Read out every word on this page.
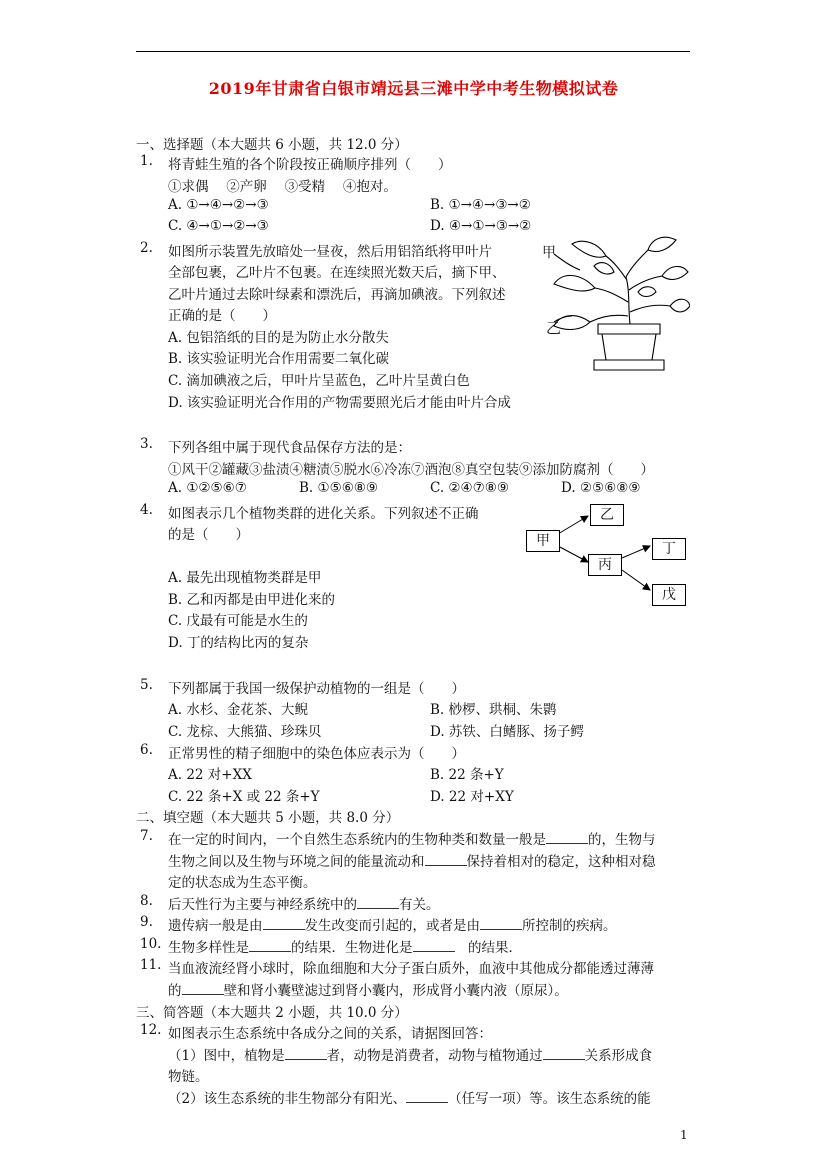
2019年甘肃省白银市靖远县三滩中学中考生物模拟试卷
一、选择题（本大题共 6 小题，共 12.0 分）
1.	将青蛙生殖的各个阶段按正确顺序排列（　　）
①求偶　 ②产卵　 ③受精　 ④抱对。
A. ①→④→②→③	B. ①→④→③→②
C. ④→①→②→③	D. ④→①→③→②
2.	如图所示装置先放暗处一昼夜，然后用铝箔纸将甲叶片
全部包裹，乙叶片不包裹。在连续照光数天后，摘下甲、
乙叶片通过去除叶绿素和漂洗后，再滴加碘液。下列叙述
正确的是（　　）
A. 包铝箔纸的目的是为防止水分散失
B. 该实验证明光合作用需要二氧化碳
C. 滴加碘液之后，甲叶片呈蓝色，乙叶片呈黄白色
D. 该实验证明光合作用的产物需要照光后才能由叶片合成
甲
乙
3.	下列各组中属于现代食品保存方法的是：
①风干②罐藏③盐渍④糖渍⑤脱水⑥冷冻⑦酒泡⑧真空包装⑨添加防腐剂（　　）
A. ①②⑤⑥⑦	B. ①⑤⑥⑧⑨	C. ②④⑦⑧⑨	D. ②⑤⑥⑧⑨
4.	如图表示几个植物类群的进化关系。下列叙述不正确
的是（　　）
A. 最先出现植物类群是甲
B. 乙和丙都是由甲进化来的
C. 戊最有可能是水生的
D. 丁的结构比丙的复杂
甲
乙
丙
丁
戊
5.	下列都属于我国一级保护动植物的一组是（　　）
A. 水杉、金花茶、大鲵	B. 桫椤、珙桐、朱鹮
C. 龙棕、大熊猫、珍珠贝	D. 苏铁、白鳍豚、扬子鳄
6.	正常男性的精子细胞中的染色体应表示为（　　）
A. 22 对+XX	B. 22 条+Y
C. 22 条+X 或 22 条+Y	D. 22 对+XY
二、填空题（本大题共 5 小题，共 8.0 分）
7.	在一定的时间内，一个自然生态系统内的生物种类和数量一般是	的，生物与
生物之间以及生物与环境之间的能量流动和	保持着相对的稳定，这种相对稳
定的状态成为生态平衡。
8.	后天性行为主要与神经系统中的	有关。
9.	遗传病一般是由	发生改变而引起的，或者是由	所控制的疾病。
10. 生物多样性是	的结果．生物进化是	　的结果．
11. 当血液流经肾小球时，除血细胞和大分子蛋白质外，血液中其他成分都能透过薄薄
的	壁和肾小囊壁滤过到肾小囊内，形成肾小囊内液（原尿）。
三、简答题（本大题共 2 小题，共 10.0 分）
12. 如图表示生态系统中各成分之间的关系，请据图回答：
（1）图中，植物是	者，动物是消费者，动物与植物通过	关系形成食
物链。
（2）该生态系统的非生物部分有阳光、	（任写一项）等。该生态系统的能
1
